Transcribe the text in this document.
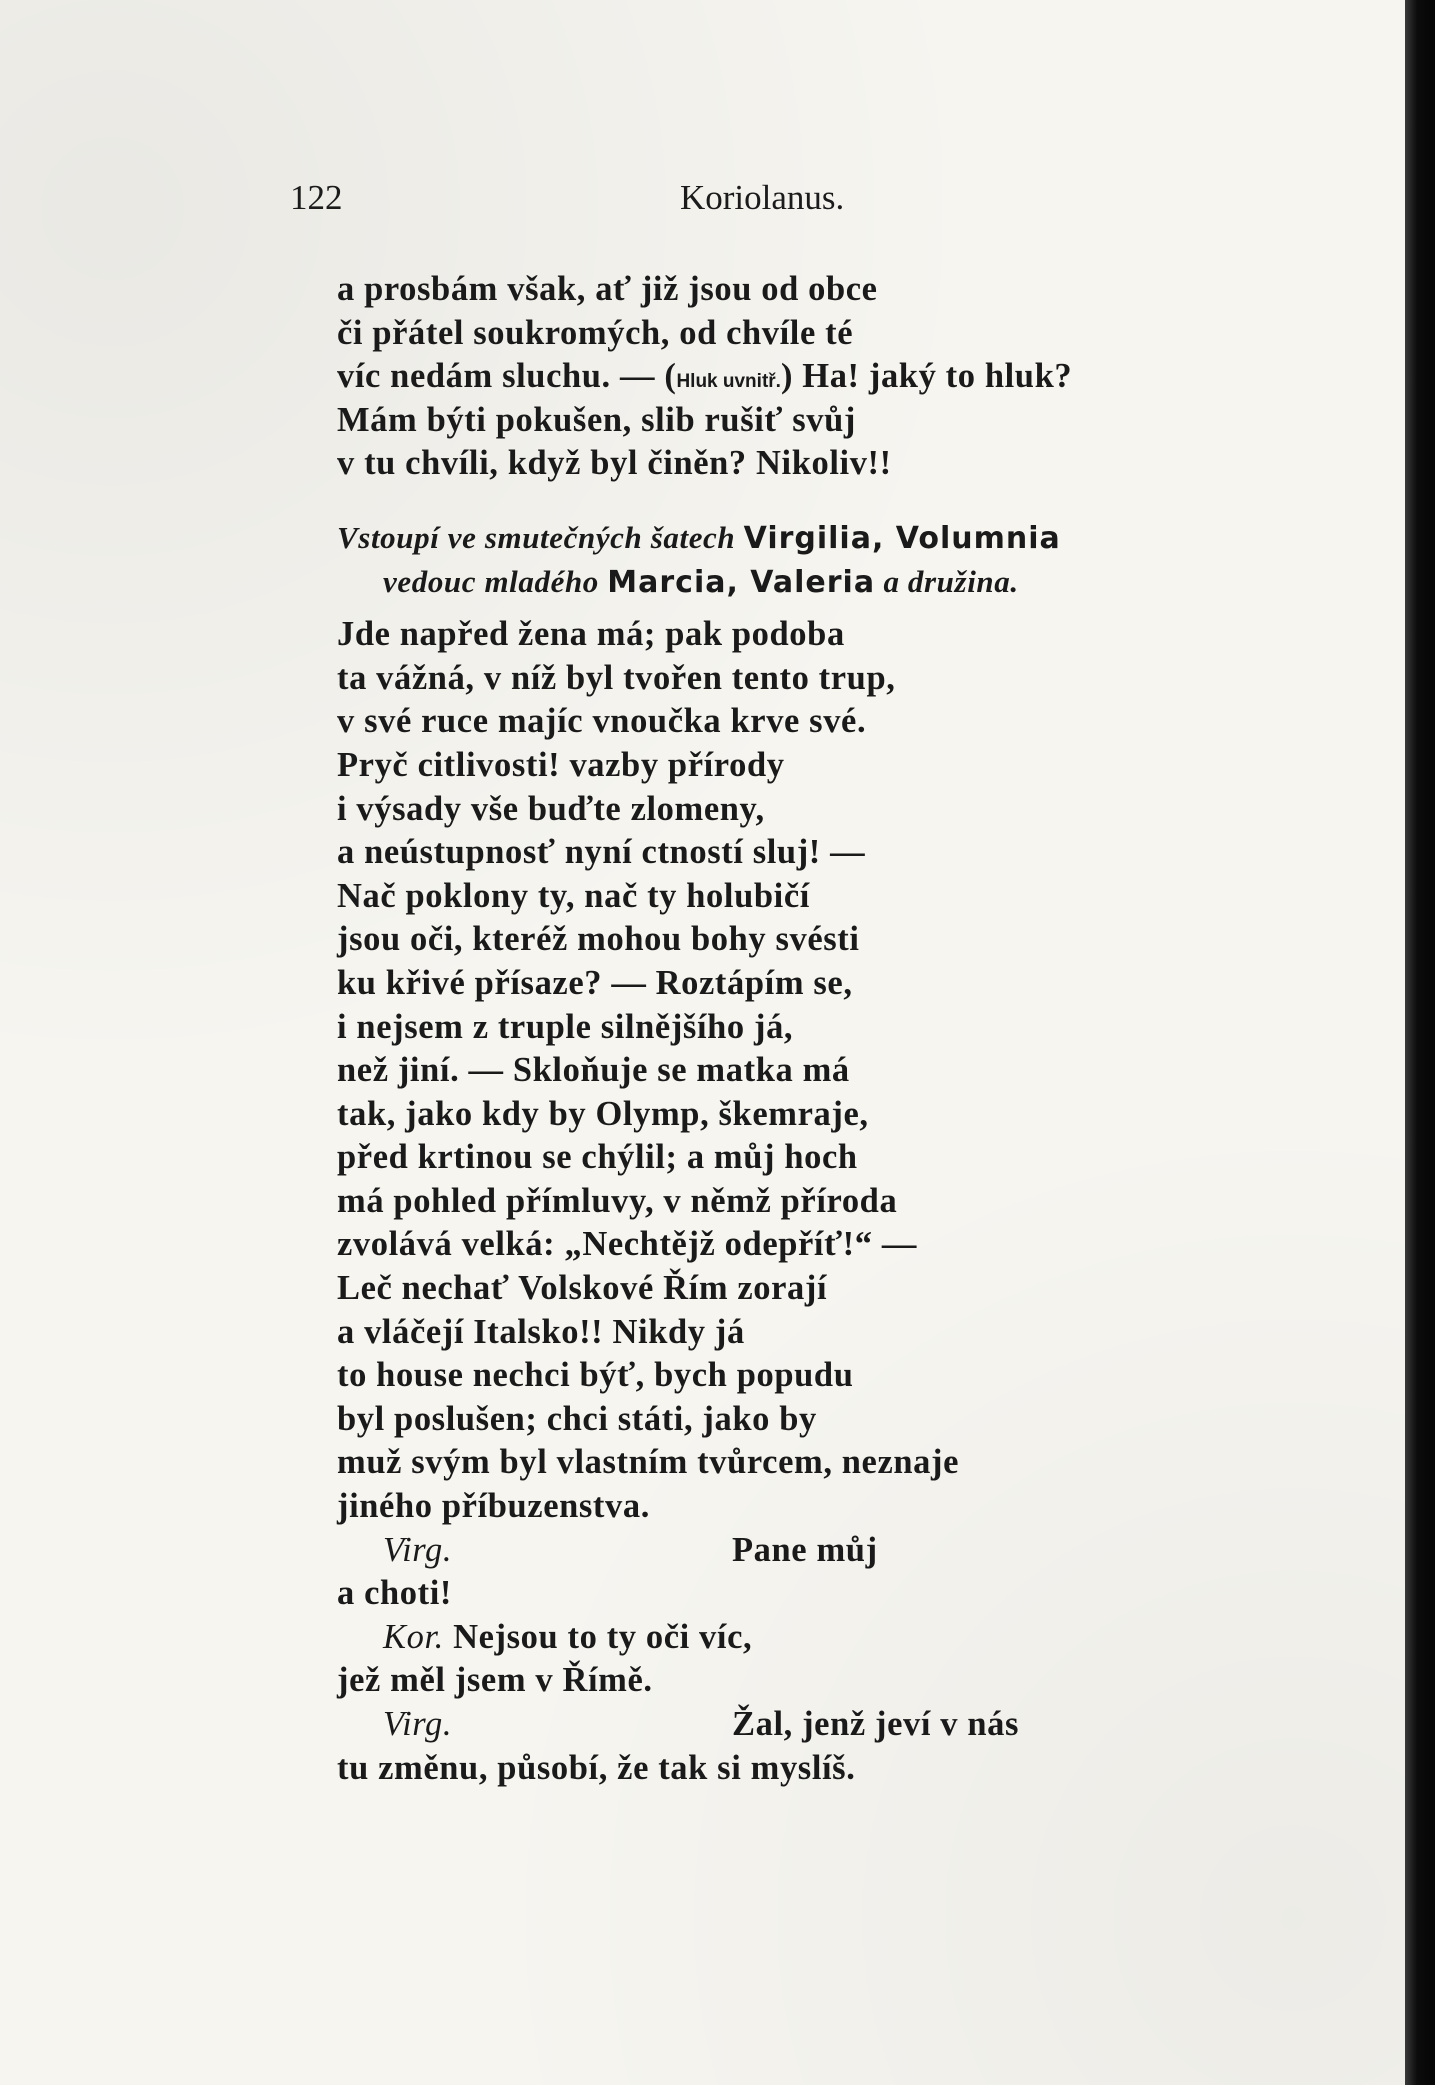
122	Koriolanus.
a prosbám však, ať již jsou od obce
či přátel soukromých, od chvíle té
víc nedám sluchu. — (Hluk uvnitř.) Ha! jaký to hluk?
Mám býti pokušen, slib rušiť svůj
v tu chvíli, když byl činěn? Nikoliv!!
Vstoupí ve smutečných šatech Virgilia, Volumnia
vedouc mladého Marcia, Valeria a družina.
Jde napřed žena má; pak podoba
ta vážná, v níž byl tvořen tento trup,
v své ruce majíc vnoučka krve své.
Pryč citlivosti! vazby přírody
i výsady vše buďte zlomeny,
a neústupnosť nyní ctností sluj! —
Nač poklony ty, nač ty holubičí
jsou oči, kteréž mohou bohy svésti
ku křivé přísaze? — Roztápím se,
i nejsem z truple silnějšího já,
než jiní. — Skloňuje se matka má
tak, jako kdy by Olymp, škemraje,
před krtinou se chýlil; a můj hoch
má pohled přímluvy, v němž příroda
zvolává velká: „Nechtějž odepříť!“ —
Leč nechať Volskové Řím zorají
a vláčejí Italsko!! Nikdy já
to house nechci býť, bych popudu
byl poslušen; chci státi, jako by
muž svým byl vlastním tvůrcem, neznaje
jiného příbuzenstva.
Virg.	Pane můj
a choti!
Kor. Nejsou to ty oči víc,
jež měl jsem v Římě.
Virg.	Žal, jenž jeví v nás
tu změnu, působí, že tak si myslíš.
